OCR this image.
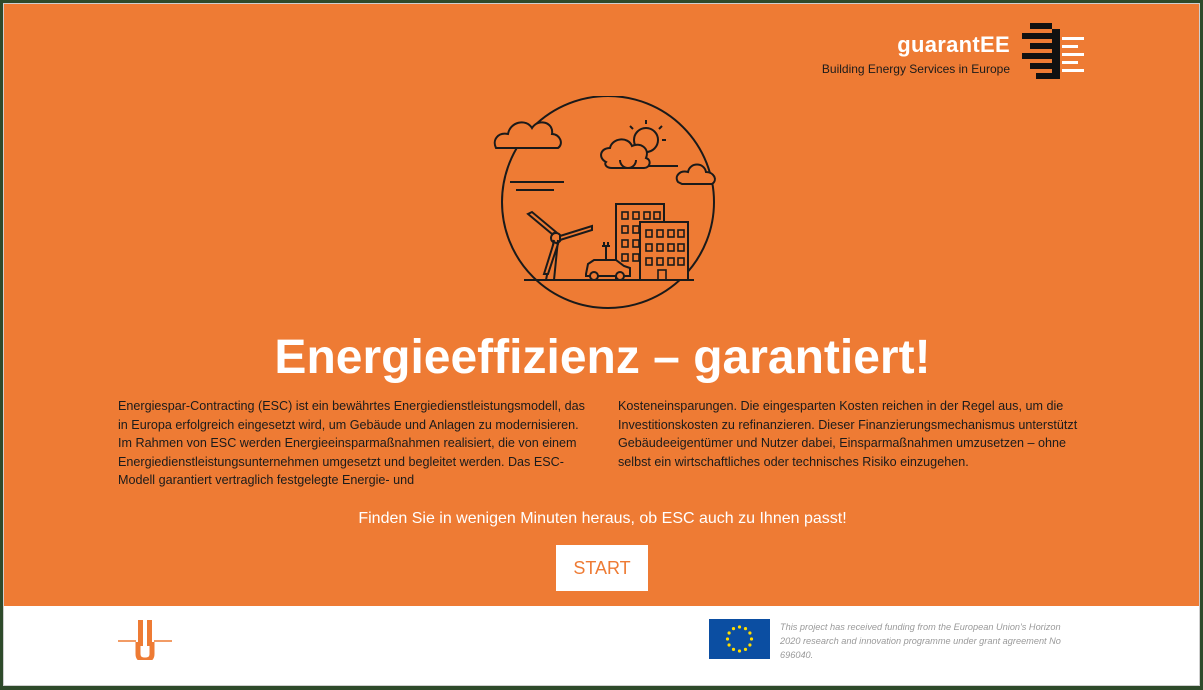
guarantEE
Building Energy Services in Europe
Energieeffizienz – garantiert!

Energiespar-Contracting (ESC) ist ein bewährtes Energiedienstleistungsmodell, das in Europa erfolgreich eingesetzt wird, um Gebäude und Anlagen zu modernisieren. Im Rahmen von ESC werden Energieeinsparmaßnahmen realisiert, die von einem Energiedienstleistungsunternehmen umgesetzt und begleitet werden. Das ESC-Modell garantiert vertraglich festgelegte Energie- und

Kosteneinsparungen. Die eingesparten Kosten reichen in der Regel aus, um die Investitionskosten zu refinanzieren. Dieser Finanzierungsmechanismus unterstützt Gebäudeeigentümer und Nutzer dabei, Einsparmaßnahmen umzusetzen – ohne selbst ein wirtschaftliches oder technisches Risiko einzugehen.

Finden Sie in wenigen Minuten heraus, ob ESC auch zu Ihnen passt!
START
This project has received funding from the European Union's Horizon 2020 research and innovation programme under grant agreement No 696040.
